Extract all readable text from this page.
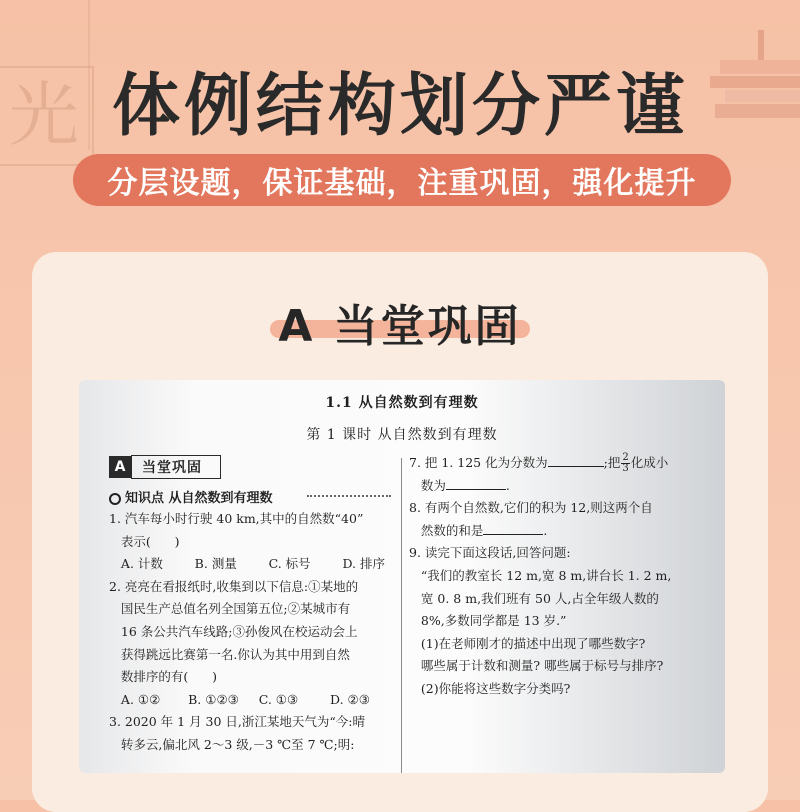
光 体例结构划分严谨
分层设题，保证基础，注重巩固，强化提升
A 当堂巩固
1.1 从自然数到有理数
第 1 课时 从自然数到有理数
A	当堂巩固
知识点 从自然数到有理数

1. 汽车每小时行驶 40 km,其中的自然数“40”

表示(      )

A. 计数        B. 测量        C. 标号        D. 排序

2. 亮亮在看报纸时,收集到以下信息:①某地的

国民生产总值名列全国第五位;②某城市有

16 条公共汽车线路;③孙俊风在校运动会上

获得跳远比赛第一名.你认为其中用到自然

数排序的有(      )

A. ①②       B. ①②③     C. ①③        D. ②③

3. 2020 年 1 月 30 日,浙江某地天气为“今:晴

转多云,偏北风 2～3 级,－3 ℃至 7 ℃;明:

7. 把 1. 125 化为分数为	;把 $\frac{2}{3}$ 化成小

数为	.

8. 有两个自然数,它们的积为 12,则这两个自

然数的和是	.

9. 读完下面这段话,回答问题:

“我们的教室长 12 m,宽 8 m,讲台长 1. 2 m,

宽 0. 8 m,我们班有 50 人,占全年级人数的

8%,多数同学都是 13 岁.”

(1)在老师刚才的描述中出现了哪些数字?

哪些属于计数和测量? 哪些属于标号与排序?

(2)你能将这些数字分类吗?
